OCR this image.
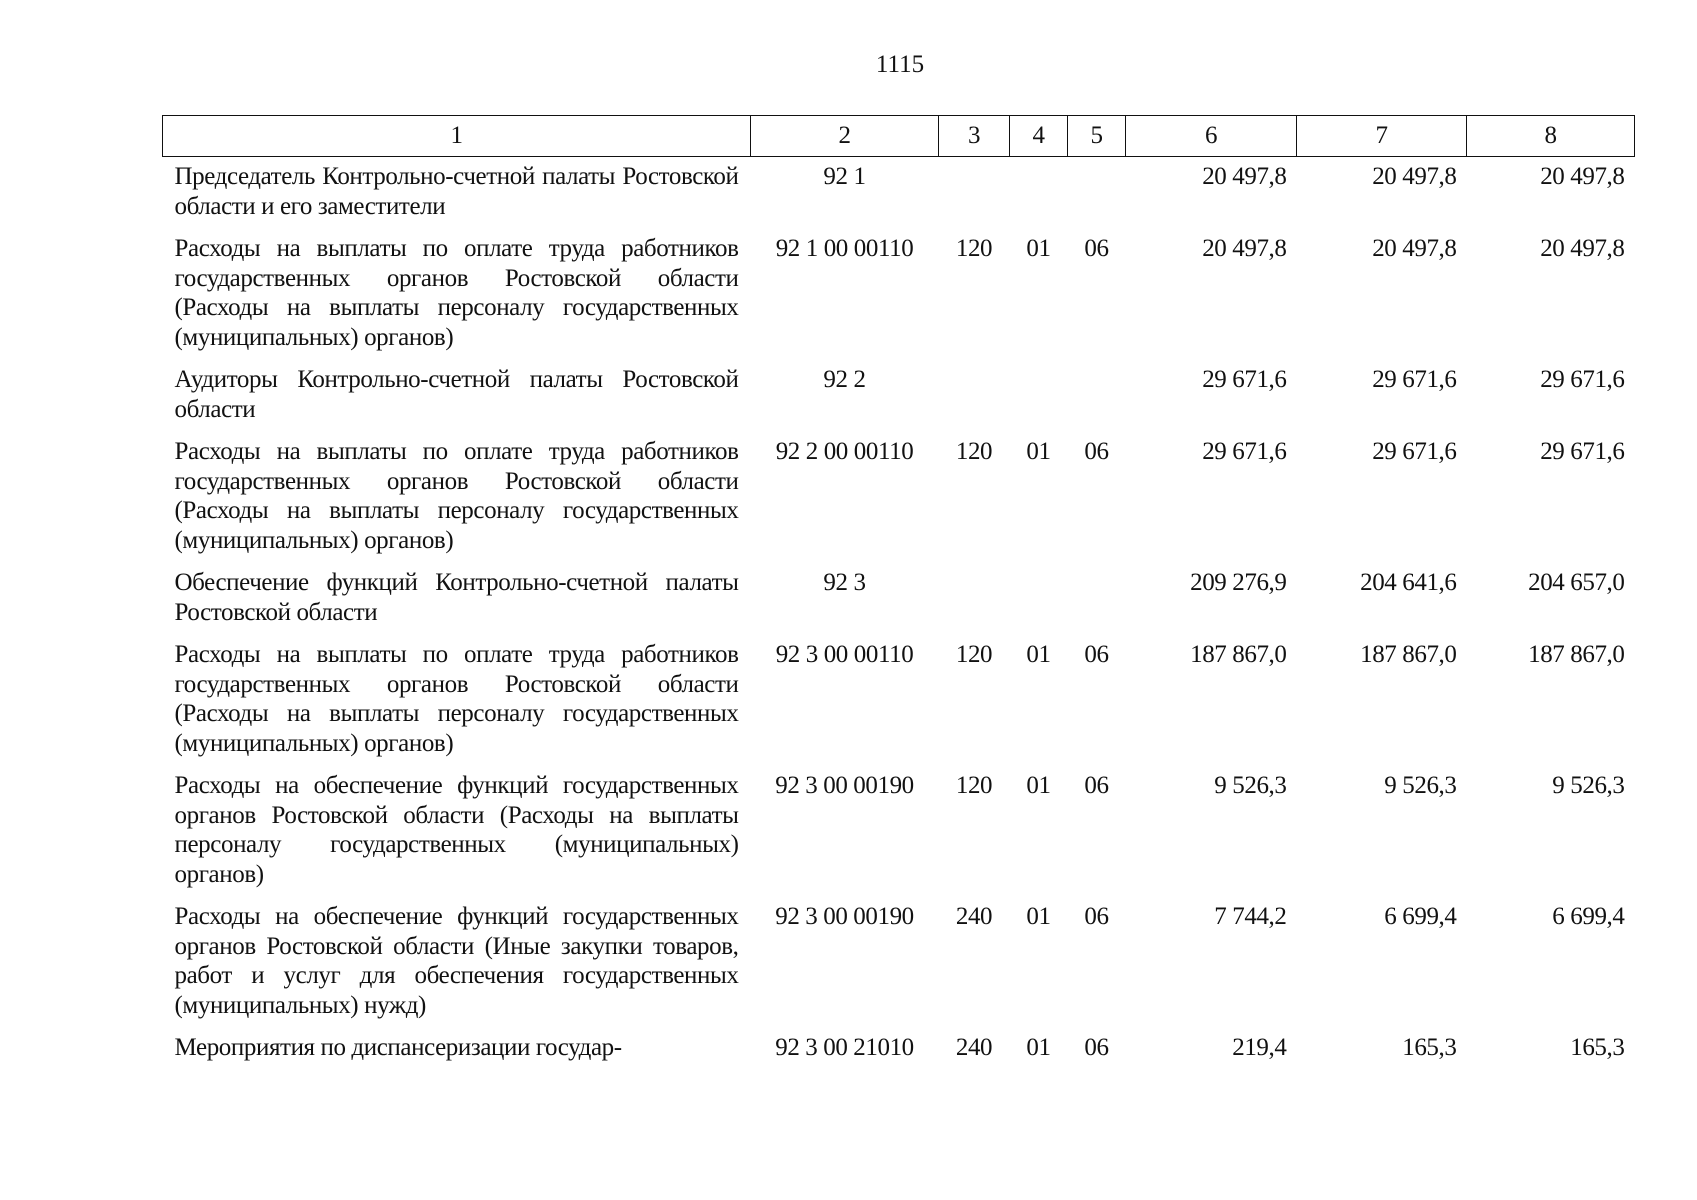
1115
1	2	3	4	5	6	7	8
Председатель Контрольно-счетной палаты Ростовской области и его заместители	92 1				20 497,8	20 497,8	20 497,8
Расходы на выплаты по оплате труда работников государственных органов Ростовской области (Расходы на выплаты персоналу государственных (муниципальных) органов)	92 1 00 00110	120	01	06	20 497,8	20 497,8	20 497,8
Аудиторы Контрольно-счетной палаты Ростовской области	92 2				29 671,6	29 671,6	29 671,6
Расходы на выплаты по оплате труда работников государственных органов Ростовской области (Расходы на выплаты персоналу государственных (муниципальных) органов)	92 2 00 00110	120	01	06	29 671,6	29 671,6	29 671,6
Обеспечение функций Контрольно-счетной палаты Ростовской области	92 3				209 276,9	204 641,6	204 657,0
Расходы на выплаты по оплате труда работников государственных органов Ростовской области (Расходы на выплаты персоналу государственных (муниципальных) органов)	92 3 00 00110	120	01	06	187 867,0	187 867,0	187 867,0
Расходы на обеспечение функций государственных органов Ростовской области (Расходы на выплаты персоналу государственных (муниципальных) органов)	92 3 00 00190	120	01	06	9 526,3	9 526,3	9 526,3
Расходы на обеспечение функций государственных органов Ростовской области (Иные закупки товаров, работ и услуг для обеспечения государственных (муниципальных) нужд)	92 3 00 00190	240	01	06	7 744,2	6 699,4	6 699,4
Мероприятия по диспансеризации государ-	92 3 00 21010	240	01	06	219,4	165,3	165,3
